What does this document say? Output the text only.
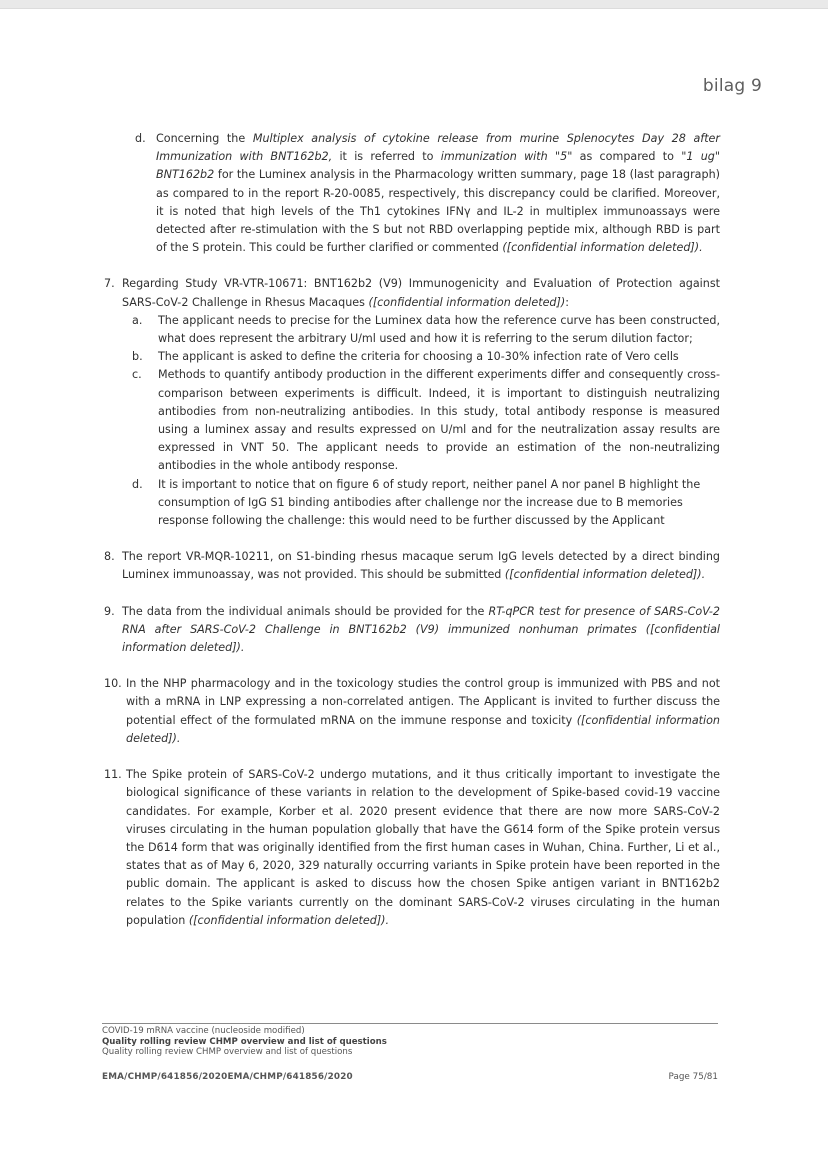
bilag 9
d. Concerning the Multiplex analysis of cytokine release from murine Splenocytes Day 28 after Immunization with BNT162b2, it is referred to immunization with "5" as compared to "1 ug" BNT162b2 for the Luminex analysis in the Pharmacology written summary, page 18 (last paragraph) as compared to in the report R-20-0085, respectively, this discrepancy could be clarified. Moreover, it is noted that high levels of the Th1 cytokines IFNγ and IL-2 in multiplex immunoassays were detected after re-stimulation with the S but not RBD overlapping peptide mix, although RBD is part of the S protein. This could be further clarified or commented ([confidential information deleted]).
7. Regarding Study VR-VTR-10671: BNT162b2 (V9) Immunogenicity and Evaluation of Protection against SARS-CoV-2 Challenge in Rhesus Macaques ([confidential information deleted]):
a. The applicant needs to precise for the Luminex data how the reference curve has been constructed, what does represent the arbitrary U/ml used and how it is referring to the serum dilution factor;
b. The applicant is asked to define the criteria for choosing a 10-30% infection rate of Vero cells
c. Methods to quantify antibody production in the different experiments differ and consequently cross-comparison between experiments is difficult. Indeed, it is important to distinguish neutralizing antibodies from non-neutralizing antibodies. In this study, total antibody response is measured using a luminex assay and results expressed on U/ml and for the neutralization assay results are expressed in VNT 50. The applicant needs to provide an estimation of the non-neutralizing antibodies in the whole antibody response.
d. It is important to notice that on figure 6 of study report, neither panel A nor panel B highlight the consumption of IgG S1 binding antibodies after challenge nor the increase due to B memories response following the challenge: this would need to be further discussed by the Applicant
8. The report VR-MQR-10211, on S1-binding rhesus macaque serum IgG levels detected by a direct binding Luminex immunoassay, was not provided. This should be submitted ([confidential information deleted]).
9. The data from the individual animals should be provided for the RT-qPCR test for presence of SARS-CoV-2 RNA after SARS-CoV-2 Challenge in BNT162b2 (V9) immunized nonhuman primates ([confidential information deleted]).
10. In the NHP pharmacology and in the toxicology studies the control group is immunized with PBS and not with a mRNA in LNP expressing a non-correlated antigen. The Applicant is invited to further discuss the potential effect of the formulated mRNA on the immune response and toxicity ([confidential information deleted]).
11. The Spike protein of SARS-CoV-2 undergo mutations, and it thus critically important to investigate the biological significance of these variants in relation to the development of Spike-based covid-19 vaccine candidates. For example, Korber et al. 2020 present evidence that there are now more SARS-CoV-2 viruses circulating in the human population globally that have the G614 form of the Spike protein versus the D614 form that was originally identified from the first human cases in Wuhan, China. Further, Li et al., states that as of May 6, 2020, 329 naturally occurring variants in Spike protein have been reported in the public domain. The applicant is asked to discuss how the chosen Spike antigen variant in BNT162b2 relates to the Spike variants currently on the dominant SARS-CoV-2 viruses circulating in the human population ([confidential information deleted]).
COVID-19 mRNA vaccine (nucleoside modified)
Quality rolling review CHMP overview and list of questions
Quality rolling review CHMP overview and list of questions
EMA/CHMP/641856/2020EMA/CHMP/641856/2020	Page 75/81
